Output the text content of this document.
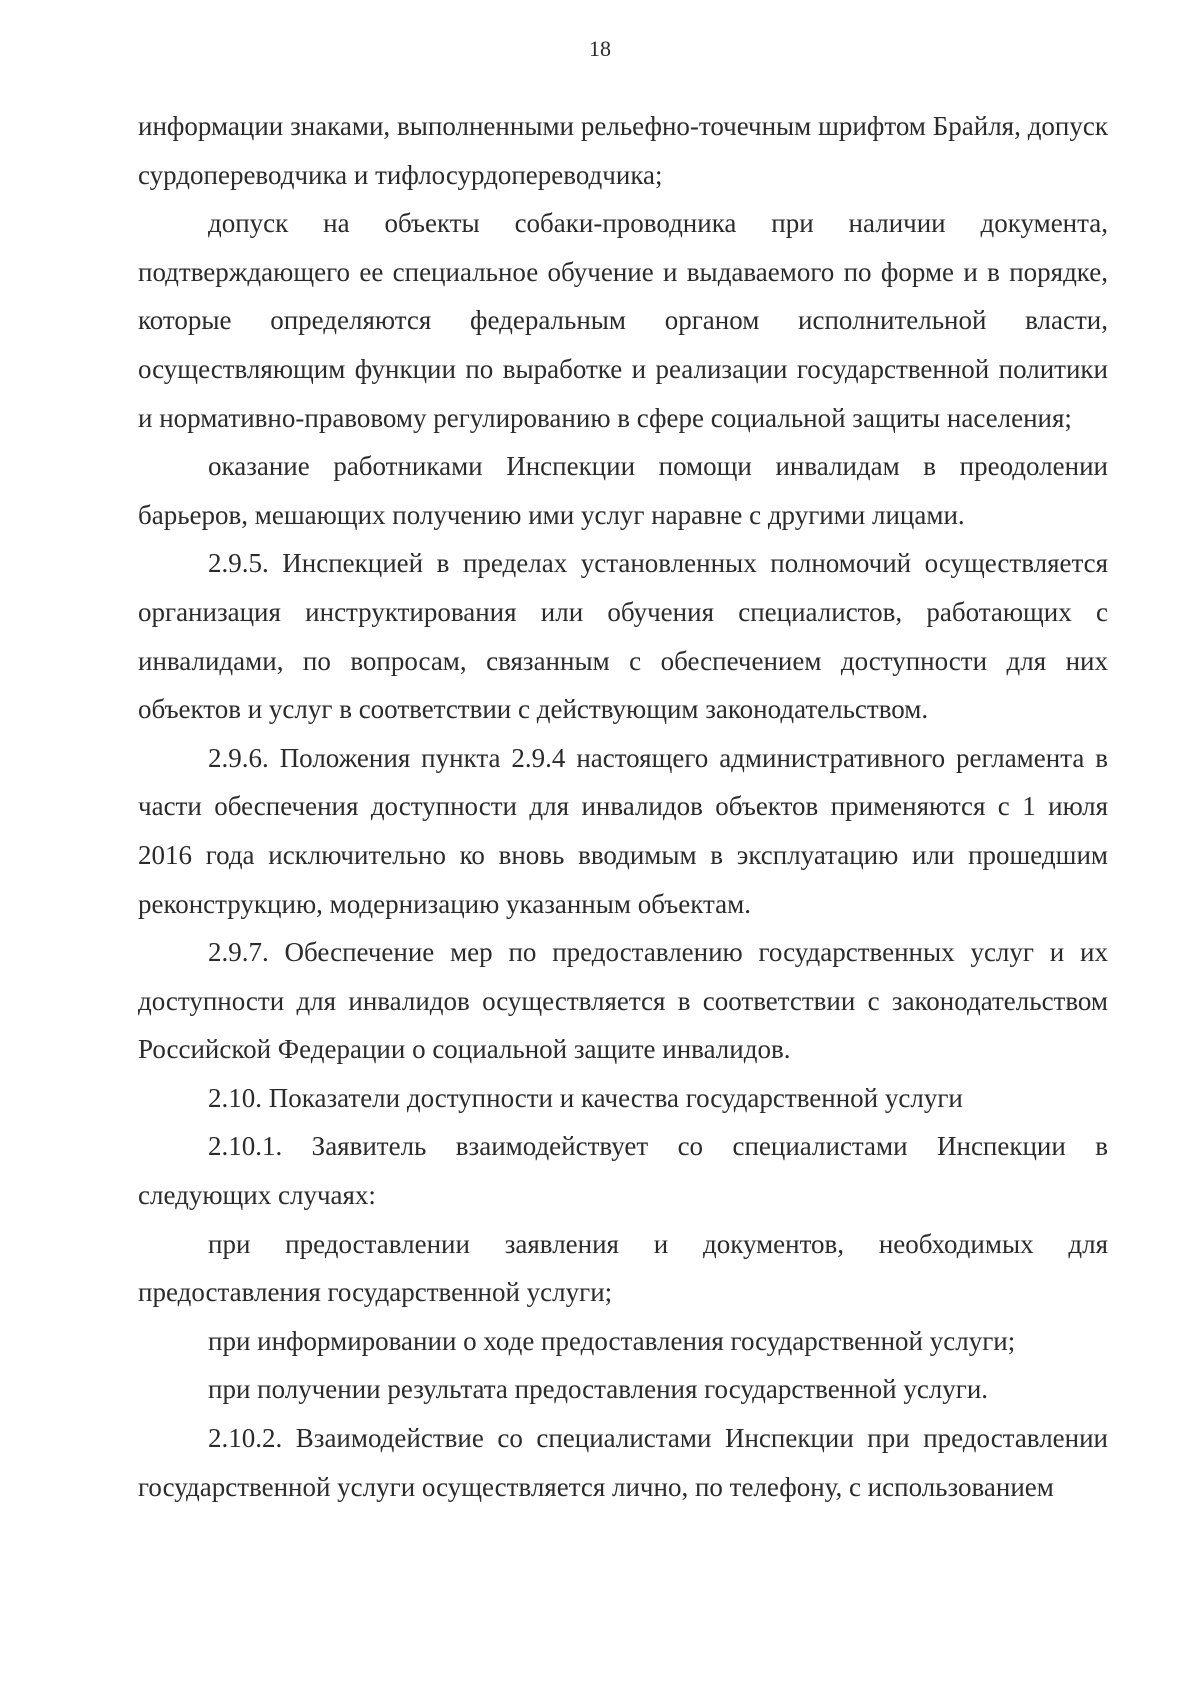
18

информации знаками, выполненными рельефно-точечным шрифтом Брайля, допуск сурдопереводчика и тифлосурдопереводчика;

допуск на объекты собаки-проводника при наличии документа, подтверждающего ее специальное обучение и выдаваемого по форме и в порядке, которые определяются федеральным органом исполнительной власти, осуществляющим функции по выработке и реализации государственной политики и нормативно-правовому регулированию в сфере социальной защиты населения;

оказание работниками Инспекции помощи инвалидам в преодолении барьеров, мешающих получению ими услуг наравне с другими лицами.

2.9.5. Инспекцией в пределах установленных полномочий осуществляется организация инструктирования или обучения специалистов, работающих с инвалидами, по вопросам, связанным с обеспечением доступности для них объектов и услуг в соответствии с действующим законодательством.

2.9.6. Положения пункта 2.9.4 настоящего административного регламента в части обеспечения доступности для инвалидов объектов применяются с 1 июля 2016 года исключительно ко вновь вводимым в эксплуатацию или прошедшим реконструкцию, модернизацию указанным объектам.

2.9.7. Обеспечение мер по предоставлению государственных услуг и их доступности для инвалидов осуществляется в соответствии с законодательством Российской Федерации о социальной защите инвалидов.

2.10. Показатели доступности и качества государственной услуги

2.10.1. Заявитель взаимодействует со специалистами Инспекции в следующих случаях:

при предоставлении заявления и документов, необходимых для предоставления государственной услуги;

при информировании о ходе предоставления государственной услуги;

при получении результата предоставления государственной услуги.

2.10.2. Взаимодействие со специалистами Инспекции при предоставлении государственной услуги осуществляется лично, по телефону, с использованием
